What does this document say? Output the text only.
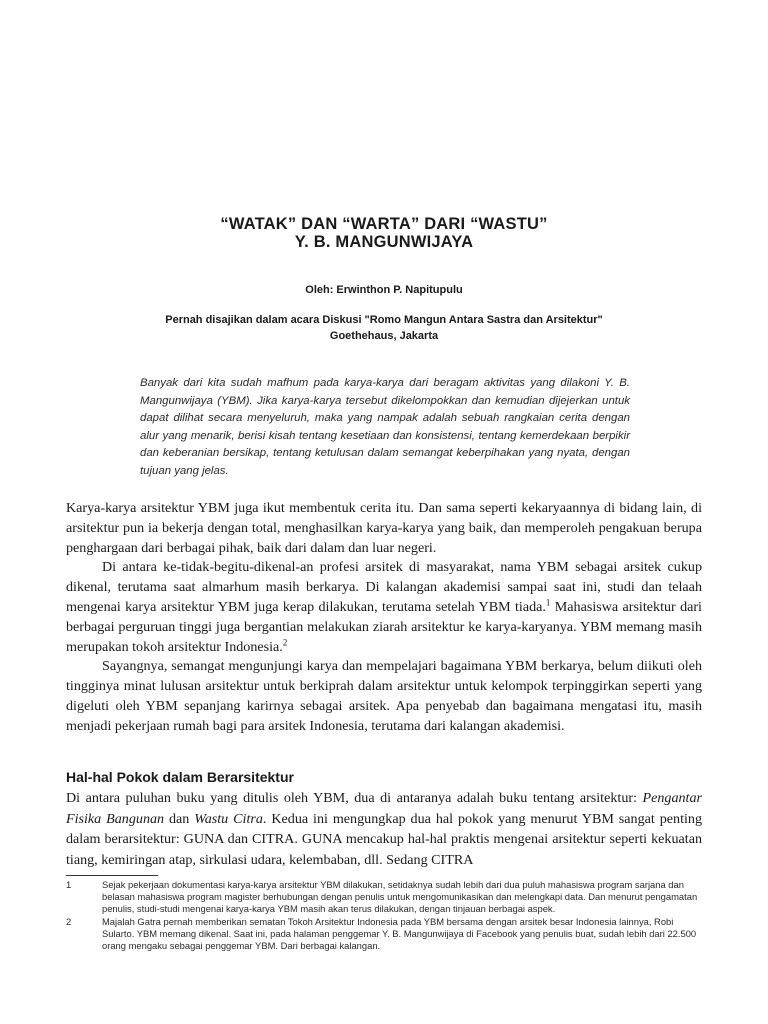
“WATAK” DAN “WARTA” DARI “WASTU”
Y. B. MANGUNWIJAYA
Oleh: Erwinthon P. Napitupulu
Pernah disajikan dalam acara Diskusi "Romo Mangun Antara Sastra dan Arsitektur"
Goethehaus, Jakarta
Banyak dari kita sudah mafhum pada karya-karya dari beragam aktivitas yang dilakoni Y. B. Mangunwijaya (YBM). Jika karya-karya tersebut dikelompokkan dan kemudian dijejerkan untuk dapat dilihat secara menyeluruh, maka yang nampak adalah sebuah rangkaian cerita dengan alur yang menarik, berisi kisah tentang kesetiaan dan konsistensi, tentang kemerdekaan berpikir dan keberanian bersikap, tentang ketulusan dalam semangat keberpihakan yang nyata, dengan tujuan yang jelas.

Karya-karya arsitektur YBM juga ikut membentuk cerita itu. Dan sama seperti kekaryaannya di bidang lain, di arsitektur pun ia bekerja dengan total, menghasilkan karya-karya yang baik, dan memperoleh pengakuan berupa penghargaan dari berbagai pihak, baik dari dalam dan luar negeri.

Di antara ke-tidak-begitu-dikenal-an profesi arsitek di masyarakat, nama YBM sebagai arsitek cukup dikenal, terutama saat almarhum masih berkarya. Di kalangan akademisi sampai saat ini, studi dan telaah mengenai karya arsitektur YBM juga kerap dilakukan, terutama setelah YBM tiada.$^1$ Mahasiswa arsitektur dari berbagai perguruan tinggi juga bergantian melakukan ziarah arsitektur ke karya-karyanya. YBM memang masih merupakan tokoh arsitektur Indonesia.$^2$

Sayangnya, semangat mengunjungi karya dan mempelajari bagaimana YBM berkarya, belum diikuti oleh tingginya minat lulusan arsitektur untuk berkiprah dalam arsitektur untuk kelompok terpinggirkan seperti yang digeluti oleh YBM sepanjang karirnya sebagai arsitek. Apa penyebab dan bagaimana mengatasi itu, masih menjadi pekerjaan rumah bagi para arsitek Indonesia, terutama dari kalangan akademisi.

Hal-hal Pokok dalam Berarsitektur

Di antara puluhan buku yang ditulis oleh YBM, dua di antaranya adalah buku tentang arsitektur: Pengantar Fisika Bangunan dan Wastu Citra. Kedua ini mengungkap dua hal pokok yang menurut YBM sangat penting dalam berarsitektur: GUNA dan CITRA. GUNA mencakup hal-hal praktis mengenai arsitektur seperti kekuatan tiang, kemiringan atap, sirkulasi udara, kelembaban, dll. Sedang CITRA

1	Sejak pekerjaan dokumentasi karya-karya arsitektur YBM dilakukan, setidaknya sudah lebih dari dua puluh mahasiswa program sarjana dan belasan mahasiswa program magister berhubungan dengan penulis untuk mengomunikasikan dan melengkapi data. Dan menurut pengamatan penulis, studi-studi mengenai karya-karya YBM masih akan terus dilakukan, dengan tinjauan berbagai aspek.
2	Majalah Gatra pernah memberikan sematan Tokoh Arsitektur Indonesia pada YBM bersama dengan arsitek besar Indonesia lainnya, Robi Sularto. YBM memang dikenal. Saat ini, pada halaman penggemar Y. B. Mangunwijaya di Facebook yang penulis buat, sudah lebih dari 22.500 orang mengaku sebagai penggemar YBM. Dari berbagai kalangan.
